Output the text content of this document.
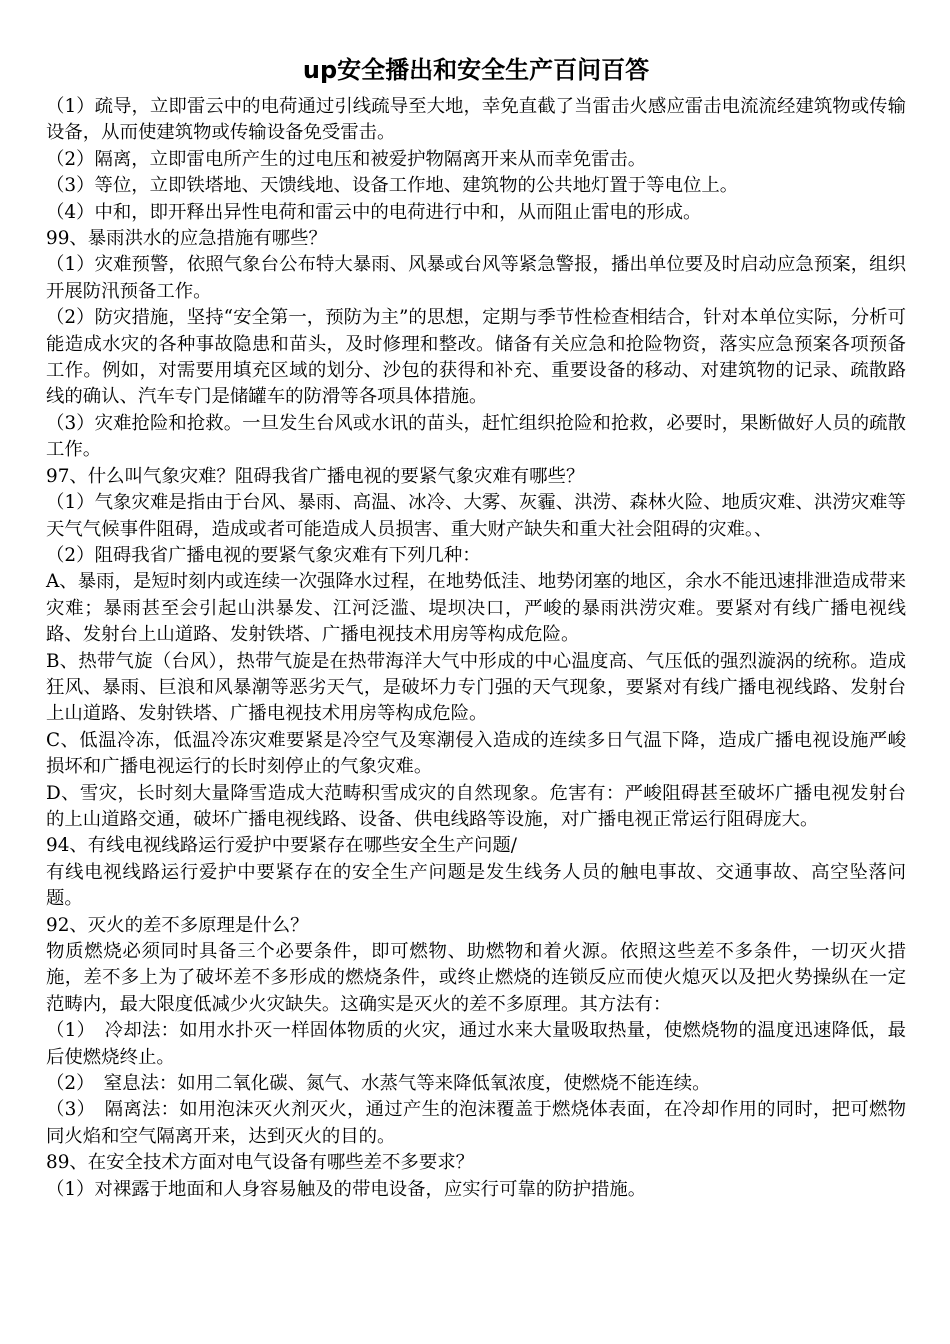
up安全播出和安全生产百问百答

（1）疏导，立即雷云中的电荷通过引线疏导至大地，幸免直截了当雷击火感应雷击电流流经建筑物或传输设备，从而使建筑物或传输设备免受雷击。

（2）隔离，立即雷电所产生的过电压和被爱护物隔离开来从而幸免雷击。

（3）等位，立即铁塔地、天馈线地、设备工作地、建筑物的公共地灯置于等电位上。

（4）中和，即开释出异性电荷和雷云中的电荷进行中和，从而阻止雷电的形成。

99、暴雨洪水的应急措施有哪些？

（1）灾难预警，依照气象台公布特大暴雨、风暴或台风等紧急警报，播出单位要及时启动应急预案，组织开展防汛预备工作。

（2）防灾措施，坚持“安全第一，预防为主”的思想，定期与季节性检查相结合，针对本单位实际，分析可能造成水灾的各种事故隐患和苗头，及时修理和整改。储备有关应急和抢险物资，落实应急预案各项预备工作。例如，对需要用填充区域的划分、沙包的获得和补充、重要设备的移动、对建筑物的记录、疏散路线的确认、汽车专门是储罐车的防滑等各项具体措施。

（3）灾难抢险和抢救。一旦发生台风或水讯的苗头，赶忙组织抢险和抢救，必要时，果断做好人员的疏散工作。

97、什么叫气象灾难？阻碍我省广播电视的要紧气象灾难有哪些？

（1）气象灾难是指由于台风、暴雨、高温、冰冷、大雾、灰霾、洪涝、森林火险、地质灾难、洪涝灾难等天气气候事件阻碍，造成或者可能造成人员损害、重大财产缺失和重大社会阻碍的灾难。、

（2）阻碍我省广播电视的要紧气象灾难有下列几种：

A、暴雨，是短时刻内或连续一次强降水过程，在地势低洼、地势闭塞的地区，余水不能迅速排泄造成带来灾难；暴雨甚至会引起山洪暴发、江河泛滥、堤坝决口，严峻的暴雨洪涝灾难。要紧对有线广播电视线路、发射台上山道路、发射铁塔、广播电视技术用房等构成危险。

B、热带气旋（台风），热带气旋是在热带海洋大气中形成的中心温度高、气压低的强烈漩涡的统称。造成狂风、暴雨、巨浪和风暴潮等恶劣天气，是破坏力专门强的天气现象，要紧对有线广播电视线路、发射台上山道路、发射铁塔、广播电视技术用房等构成危险。

C、低温冷冻，低温冷冻灾难要紧是冷空气及寒潮侵入造成的连续多日气温下降，造成广播电视设施严峻损坏和广播电视运行的长时刻停止的气象灾难。

D、雪灾，长时刻大量降雪造成大范畴积雪成灾的自然现象。危害有：严峻阻碍甚至破坏广播电视发射台的上山道路交通，破坏广播电视线路、设备、供电线路等设施，对广播电视正常运行阻碍庞大。

94、有线电视线路运行爱护中要紧存在哪些安全生产问题/

有线电视线路运行爱护中要紧存在的安全生产问题是发生线务人员的触电事故、交通事故、高空坠落问题。

92、灭火的差不多原理是什么？

物质燃烧必须同时具备三个必要条件，即可燃物、助燃物和着火源。依照这些差不多条件，一切灭火措施，差不多上为了破坏差不多形成的燃烧条件，或终止燃烧的连锁反应而使火熄灭以及把火势操纵在一定范畴内，最大限度低减少火灾缺失。这确实是灭火的差不多原理。其方法有：

（1）　冷却法：如用水扑灭一样固体物质的火灾，通过水来大量吸取热量，使燃烧物的温度迅速降低，最后使燃烧终止。

（2）　窒息法：如用二氧化碳、氮气、水蒸气等来降低氧浓度，使燃烧不能连续。

（3）　隔离法：如用泡沫灭火剂灭火，通过产生的泡沫覆盖于燃烧体表面，在冷却作用的同时，把可燃物同火焰和空气隔离开来，达到灭火的目的。

89、在安全技术方面对电气设备有哪些差不多要求？

（1）对裸露于地面和人身容易触及的带电设备，应实行可靠的防护措施。
